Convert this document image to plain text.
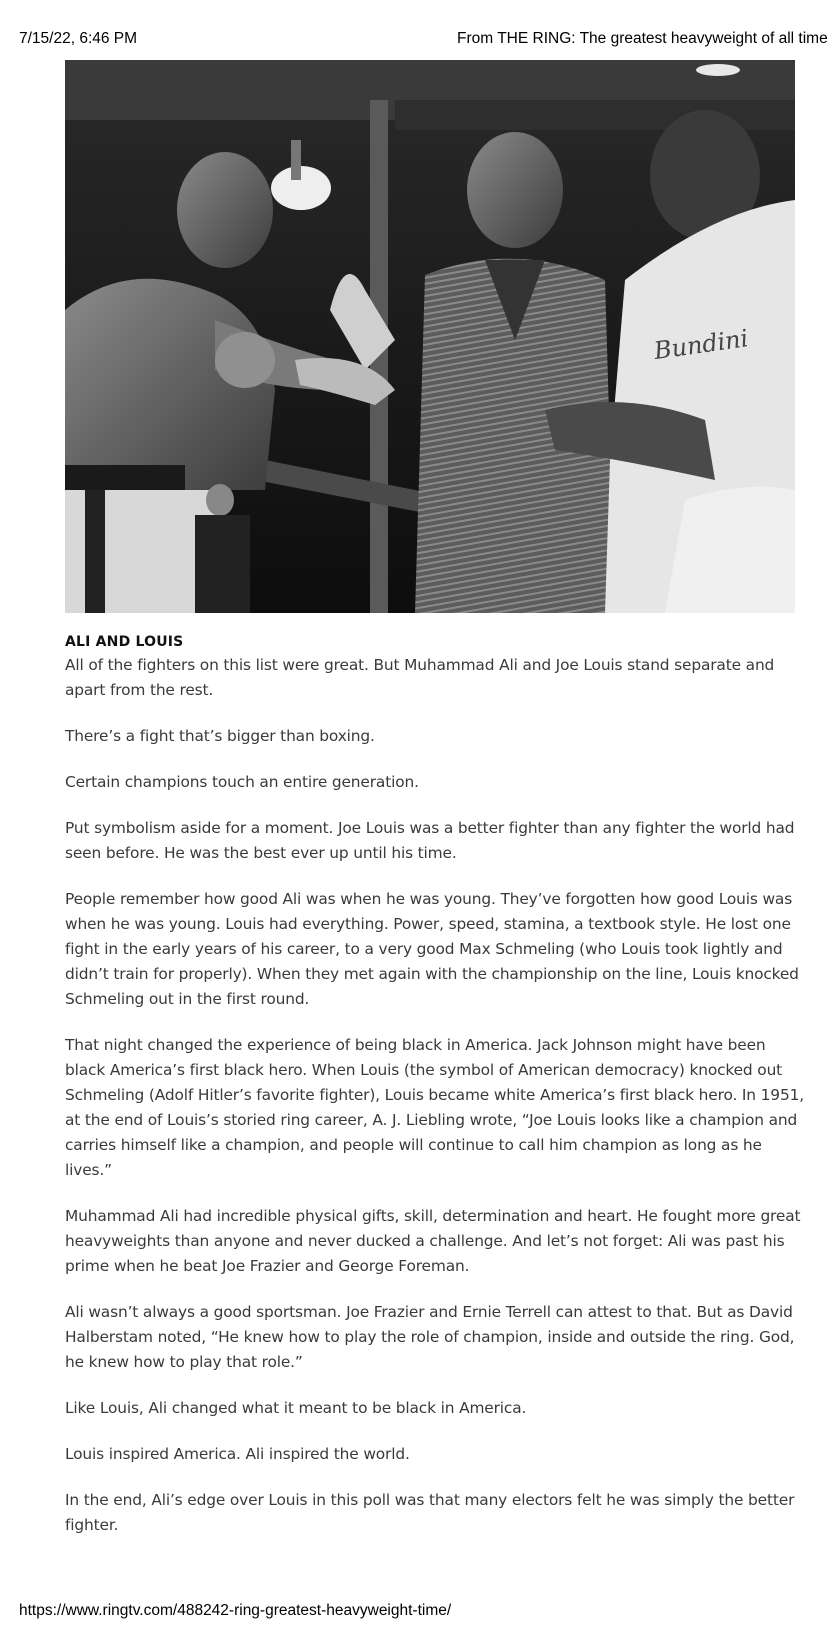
7/15/22, 6:46 PM	From THE RING: The greatest heavyweight of all time
Bundini
ALI AND LOUIS

All of the fighters on this list were great. But Muhammad Ali and Joe Louis stand separate and apart from the rest.

There’s a fight that’s bigger than boxing.

Certain champions touch an entire generation.

Put symbolism aside for a moment. Joe Louis was a better fighter than any fighter the world had seen before. He was the best ever up until his time.

People remember how good Ali was when he was young. They’ve forgotten how good Louis was when he was young. Louis had everything. Power, speed, stamina, a textbook style. He lost one fight in the early years of his career, to a very good Max Schmeling (who Louis took lightly and didn’t train for properly). When they met again with the championship on the line, Louis knocked Schmeling out in the first round.

That night changed the experience of being black in America. Jack Johnson might have been black America’s first black hero. When Louis (the symbol of American democracy) knocked out Schmeling (Adolf Hitler’s favorite fighter), Louis became white America’s first black hero. In 1951, at the end of Louis’s storied ring career, A. J. Liebling wrote, “Joe Louis looks like a champion and carries himself like a champion, and people will continue to call him champion as long as he lives.”

Muhammad Ali had incredible physical gifts, skill, determination and heart. He fought more great heavyweights than anyone and never ducked a challenge. And let’s not forget: Ali was past his prime when he beat Joe Frazier and George Foreman.

Ali wasn’t always a good sportsman. Joe Frazier and Ernie Terrell can attest to that. But as David Halberstam noted, “He knew how to play the role of champion, inside and outside the ring. God, he knew how to play that role.”

Like Louis, Ali changed what it meant to be black in America.

Louis inspired America. Ali inspired the world.

In the end, Ali’s edge over Louis in this poll was that many electors felt he was simply the better fighter.

https://www.ringtv.com/488242-ring-greatest-heavyweight-time/
